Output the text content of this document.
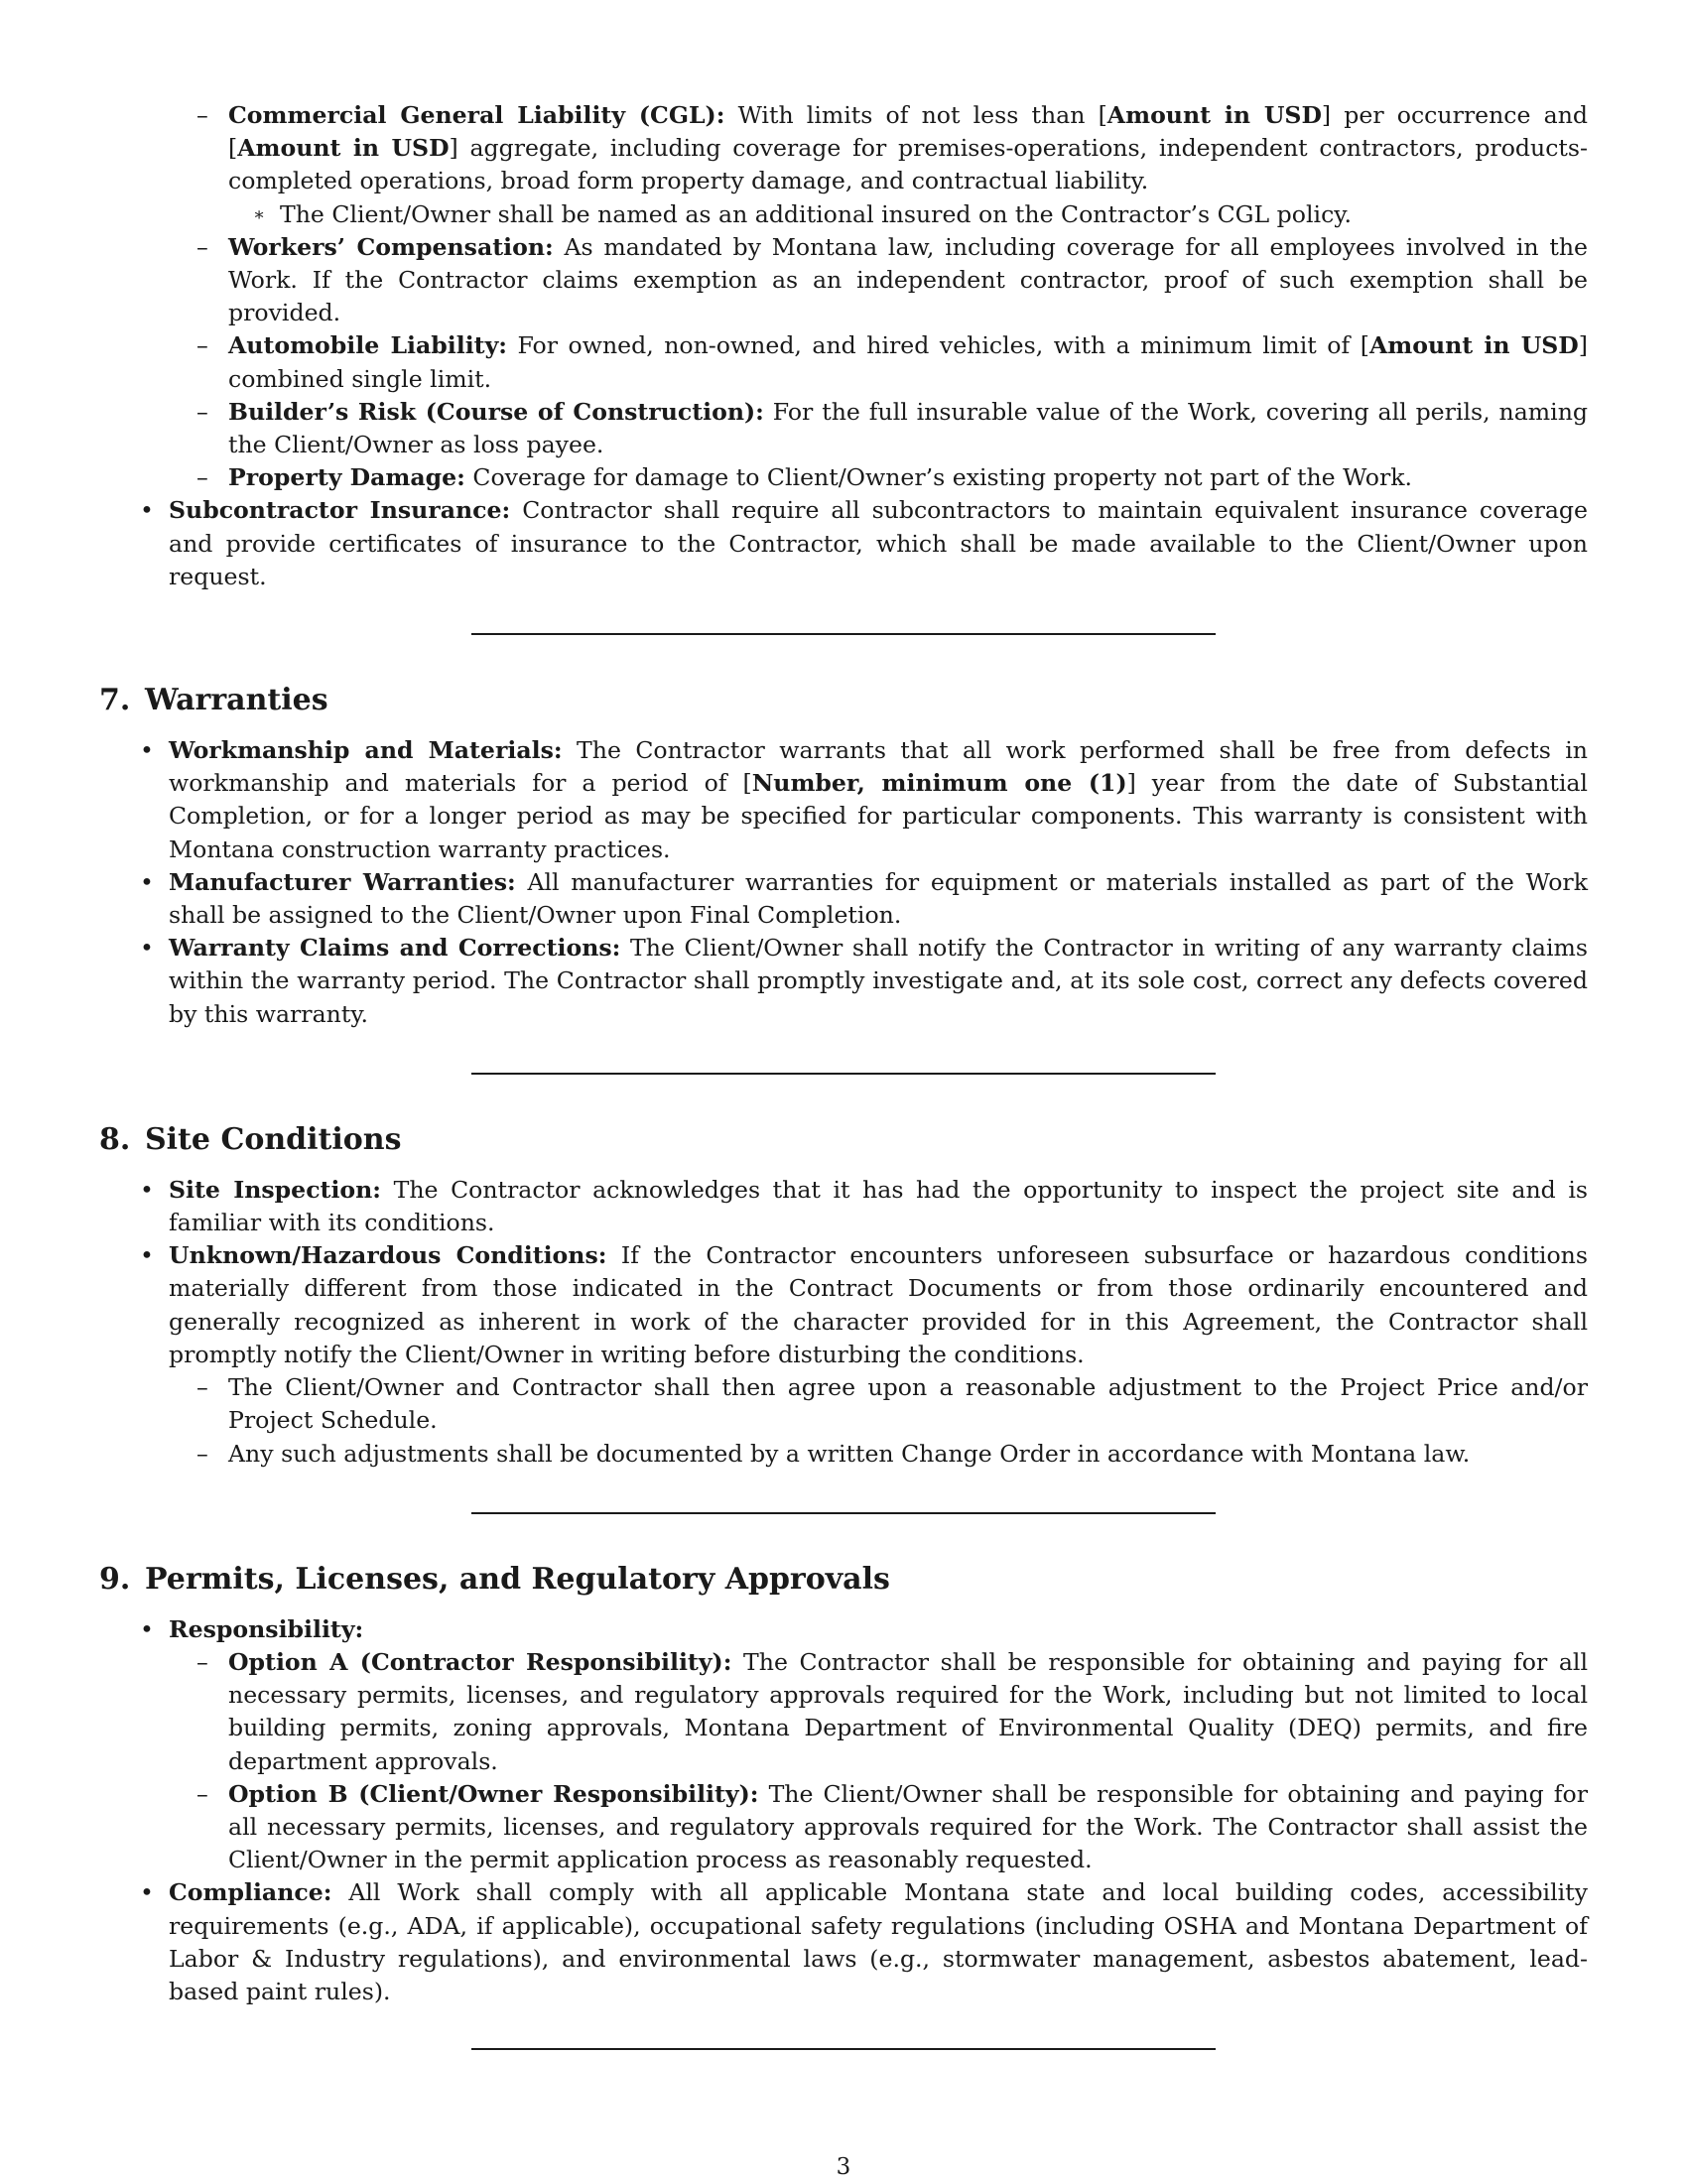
– Commercial General Liability (CGL): With limits of not less than [Amount in USD] per occurrence and [Amount in USD] aggregate, including coverage for premises-operations, independent contractors, products-completed operations, broad form property damage, and contractual liability.
∗ The Client/Owner shall be named as an additional insured on the Contractor’s CGL policy.
– Workers’ Compensation: As mandated by Montana law, including coverage for all employees involved in the Work. If the Contractor claims exemption as an independent contractor, proof of such exemption shall be provided.
– Automobile Liability: For owned, non-owned, and hired vehicles, with a minimum limit of [Amount in USD] combined single limit.
– Builder’s Risk (Course of Construction): For the full insurable value of the Work, covering all perils, naming the Client/Owner as loss payee.
– Property Damage: Coverage for damage to Client/Owner’s existing property not part of the Work.
• Subcontractor Insurance: Contractor shall require all subcontractors to maintain equivalent insurance coverage and provide certificates of insurance to the Contractor, which shall be made available to the Client/Owner upon request.
7. Warranties
• Workmanship and Materials: The Contractor warrants that all work performed shall be free from defects in workmanship and materials for a period of [Number, minimum one (1)] year from the date of Substantial Completion, or for a longer period as may be specified for particular components. This warranty is consistent with Montana construction warranty practices.
• Manufacturer Warranties: All manufacturer warranties for equipment or materials installed as part of the Work shall be assigned to the Client/Owner upon Final Completion.
• Warranty Claims and Corrections: The Client/Owner shall notify the Contractor in writing of any warranty claims within the warranty period. The Contractor shall promptly investigate and, at its sole cost, correct any defects covered by this warranty.
8. Site Conditions
• Site Inspection: The Contractor acknowledges that it has had the opportunity to inspect the project site and is familiar with its conditions.
• Unknown/Hazardous Conditions: If the Contractor encounters unforeseen subsurface or hazardous conditions materially different from those indicated in the Contract Documents or from those ordinarily encountered and generally recognized as inherent in work of the character provided for in this Agreement, the Contractor shall promptly notify the Client/Owner in writing before disturbing the conditions.
– The Client/Owner and Contractor shall then agree upon a reasonable adjustment to the Project Price and/or Project Schedule.
– Any such adjustments shall be documented by a written Change Order in accordance with Montana law.
9. Permits, Licenses, and Regulatory Approvals
• Responsibility:
– Option A (Contractor Responsibility): The Contractor shall be responsible for obtaining and paying for all necessary permits, licenses, and regulatory approvals required for the Work, including but not limited to local building permits, zoning approvals, Montana Department of Environmental Quality (DEQ) permits, and fire department approvals.
– Option B (Client/Owner Responsibility): The Client/Owner shall be responsible for obtaining and paying for all necessary permits, licenses, and regulatory approvals required for the Work. The Contractor shall assist the Client/Owner in the permit application process as reasonably requested.
• Compliance: All Work shall comply with all applicable Montana state and local building codes, accessibility requirements (e.g., ADA, if applicable), occupational safety regulations (including OSHA and Montana Department of Labor & Industry regulations), and environmental laws (e.g., stormwater management, asbestos abatement, lead-based paint rules).
3
